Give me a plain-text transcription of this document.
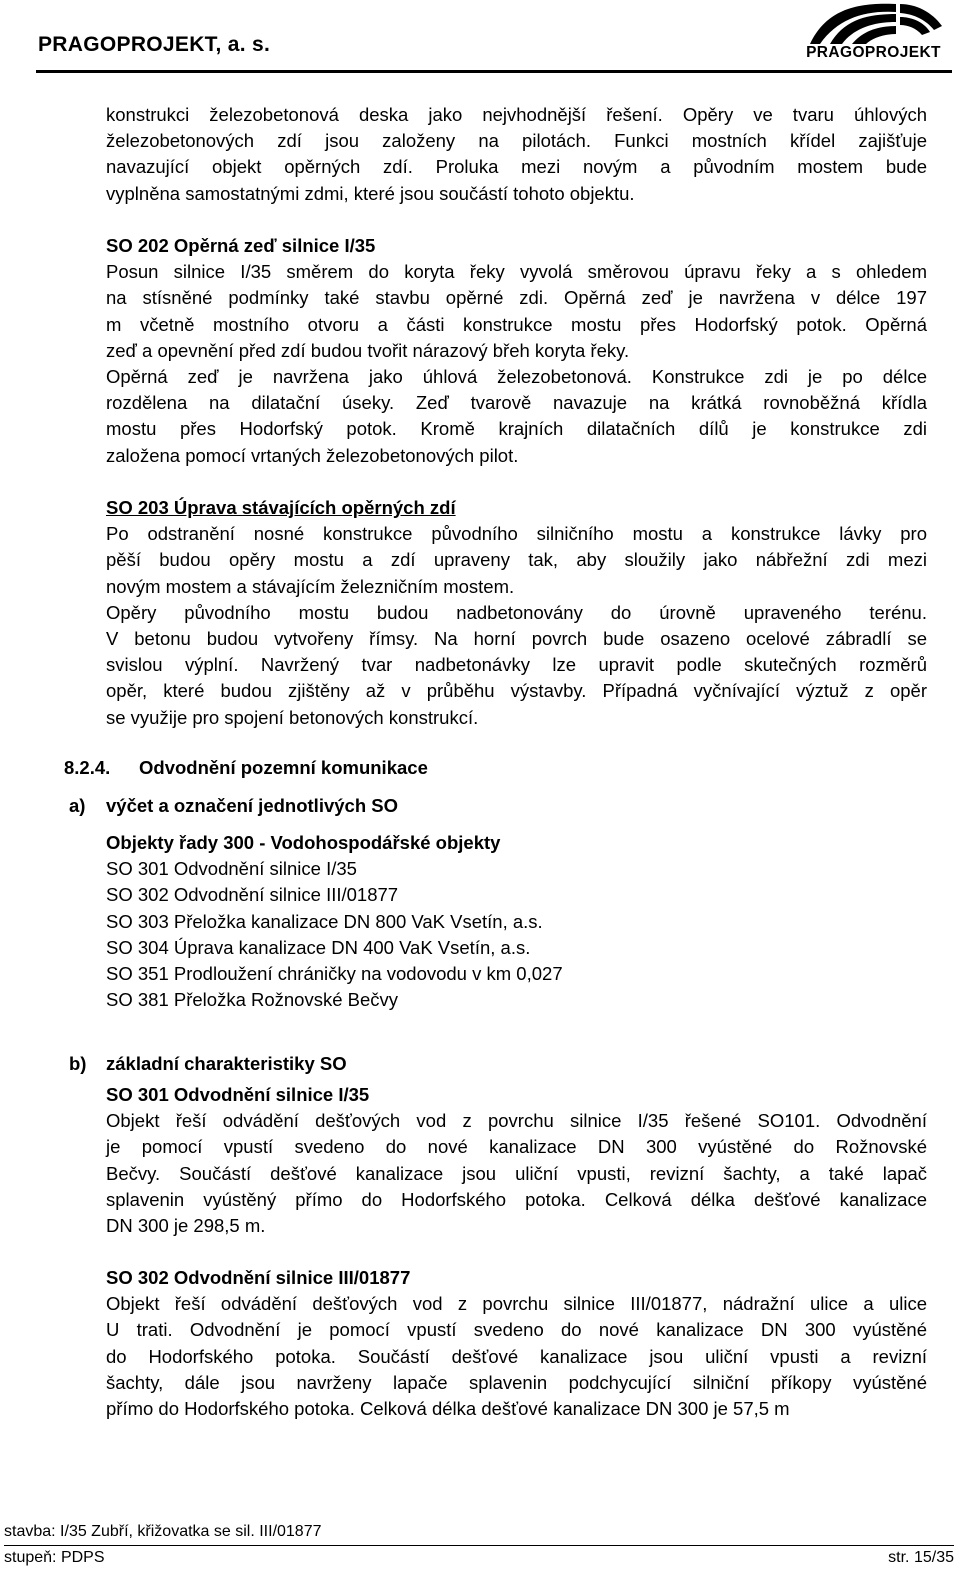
PRAGOPROJEKT, a. s.	PRAGOPROJEKT
konstrukci železobetonová deska jako nejvhodnější řešení. Opěry ve tvaru úhlových
železobetonových zdí jsou založeny na pilotách. Funkci mostních křídel zajišťuje
navazující objekt opěrných zdí. Proluka mezi novým a původním mostem bude
vyplněna samostatnými zdmi, které jsou součástí tohoto objektu.
SO 202 Opěrná zeď silnice I/35
Posun silnice I/35 směrem do koryta řeky vyvolá směrovou úpravu řeky a s ohledem
na stísněné podmínky také stavbu opěrné zdi. Opěrná zeď je navržena v délce 197
m včetně mostního otvoru a části konstrukce mostu přes Hodorfský potok. Opěrná
zeď a opevnění před zdí budou tvořit nárazový břeh koryta řeky.
Opěrná zeď je navržena jako úhlová železobetonová. Konstrukce zdi je po délce
rozdělena na dilatační úseky. Zeď tvarově navazuje na krátká rovnoběžná křídla
mostu přes Hodorfský potok. Kromě krajních dilatačních dílů je konstrukce zdi
založena pomocí vrtaných železobetonových pilot.
SO 203 Úprava stávajících opěrných zdí
Po odstranění nosné konstrukce původního silničního mostu a konstrukce lávky pro
pěší budou opěry mostu a zdí upraveny tak, aby sloužily jako nábřežní zdi mezi
novým mostem a stávajícím železničním mostem.
Opěry původního mostu budou nadbetonovány do úrovně upraveného terénu.
V betonu budou vytvořeny římsy. Na horní povrch bude osazeno ocelové zábradlí se
svislou výplní. Navržený tvar nadbetonávky lze upravit podle skutečných rozměrů
opěr, které budou zjištěny až v průběhu výstavby. Případná vyčnívající výztuž z opěr
se využije pro spojení betonových konstrukcí.
8.2.4. Odvodnění pozemní komunikace
a) výčet a označení jednotlivých SO
Objekty řady 300 - Vodohospodářské objekty
SO 301 Odvodnění silnice I/35
SO 302 Odvodnění silnice III/01877
SO 303 Přeložka kanalizace DN 800 VaK Vsetín, a.s.
SO 304 Úprava kanalizace DN 400 VaK Vsetín, a.s.
SO 351 Prodloužení chráničky na vodovodu v km 0,027
SO 381 Přeložka Rožnovské Bečvy
b) základní charakteristiky SO
SO 301 Odvodnění silnice I/35
Objekt řeší odvádění dešťových vod z povrchu silnice I/35 řešené SO101. Odvodnění
je pomocí vpustí svedeno do nové kanalizace DN 300 vyústěné do Rožnovské
Bečvy. Součástí dešťové kanalizace jsou uliční vpusti, revizní šachty, a také lapač
splavenin vyústěný přímo do Hodorfského potoka. Celková délka dešťové kanalizace
DN 300 je 298,5 m.
SO 302 Odvodnění silnice III/01877
Objekt řeší odvádění dešťových vod z povrchu silnice III/01877, nádražní ulice a ulice
U trati. Odvodnění je pomocí vpustí svedeno do nové kanalizace DN 300 vyústěné
do Hodorfského potoka. Součástí dešťové kanalizace jsou uliční vpusti a revizní
šachty, dále jsou navrženy lapače splavenin podchycující silniční příkopy vyústěné
přímo do Hodorfského potoka. Celková délka dešťové kanalizace DN 300 je 57,5 m
stavba: I/35 Zubří, křižovatka se sil. III/01877
stupeň: PDPS	str. 15/35
